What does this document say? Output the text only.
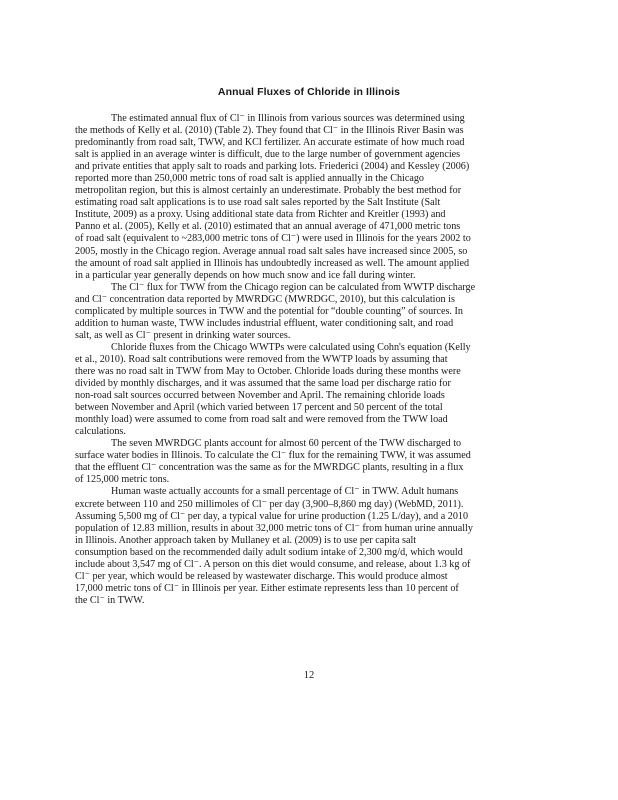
Annual Fluxes of Chloride in Illinois

The estimated annual flux of Cl⁻ in Illinois from various sources was determined using
the methods of Kelly et al. (2010) (Table 2). They found that Cl⁻ in the Illinois River Basin was
predominantly from road salt, TWW, and KCl fertilizer. An accurate estimate of how much road
salt is applied in an average winter is difficult, due to the large number of government agencies
and private entities that apply salt to roads and parking lots. Friederici (2004) and Kessley (2006)
reported more than 250,000 metric tons of road salt is applied annually in the Chicago
metropolitan region, but this is almost certainly an underestimate. Probably the best method for
estimating road salt applications is to use road salt sales reported by the Salt Institute (Salt
Institute, 2009) as a proxy. Using additional state data from Richter and Kreitler (1993) and
Panno et al. (2005), Kelly et al. (2010) estimated that an annual average of 471,000 metric tons
of road salt (equivalent to ~283,000 metric tons of Cl⁻) were used in Illinois for the years 2002 to
2005, mostly in the Chicago region. Average annual road salt sales have increased since 2005, so
the amount of road salt applied in Illinois has undoubtedly increased as well. The amount applied
in a particular year generally depends on how much snow and ice fall during winter.

The Cl⁻ flux for TWW from the Chicago region can be calculated from WWTP discharge
and Cl⁻ concentration data reported by MWRDGC (MWRDGC, 2010), but this calculation is
complicated by multiple sources in TWW and the potential for “double counting” of sources. In
addition to human waste, TWW includes industrial effluent, water conditioning salt, and road
salt, as well as Cl⁻ present in drinking water sources.

Chloride fluxes from the Chicago WWTPs were calculated using Cohn's equation (Kelly
et al., 2010). Road salt contributions were removed from the WWTP loads by assuming that
there was no road salt in TWW from May to October. Chloride loads during these months were
divided by monthly discharges, and it was assumed that the same load per discharge ratio for
non-road salt sources occurred between November and April. The remaining chloride loads
between November and April (which varied between 17 percent and 50 percent of the total
monthly load) were assumed to come from road salt and were removed from the TWW load
calculations.

The seven MWRDGC plants account for almost 60 percent of the TWW discharged to
surface water bodies in Illinois. To calculate the Cl⁻ flux for the remaining TWW, it was assumed
that the effluent Cl⁻ concentration was the same as for the MWRDGC plants, resulting in a flux
of 125,000 metric tons.

Human waste actually accounts for a small percentage of Cl⁻ in TWW. Adult humans
excrete between 110 and 250 millimoles of Cl⁻ per day (3,900–8,860 mg day) (WebMD, 2011).
Assuming 5,500 mg of Cl⁻ per day, a typical value for urine production (1.25 L/day), and a 2010
population of 12.83 million, results in about 32,000 metric tons of Cl⁻ from human urine annually
in Illinois. Another approach taken by Mullaney et al. (2009) is to use per capita salt
consumption based on the recommended daily adult sodium intake of 2,300 mg/d, which would
include about 3,547 mg of Cl⁻. A person on this diet would consume, and release, about 1.3 kg of
Cl⁻ per year, which would be released by wastewater discharge. This would produce almost
17,000 metric tons of Cl⁻ in Illinois per year. Either estimate represents less than 10 percent of
the Cl⁻ in TWW.

12
